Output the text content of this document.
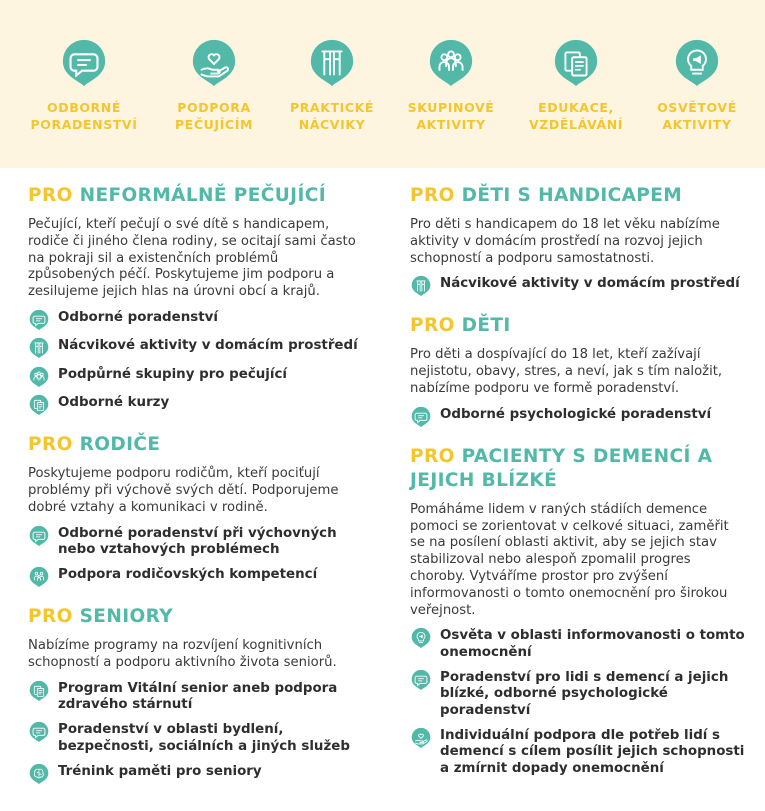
ODBORNÉ
PORADENSTVÍ
PODPORA
PEČUJÍCÍM
PRAKTICKÉ
NÁCVIKY
SKUPINOVÉ
AKTIVITY
EDUKACE,
VZDĚLÁVÁNÍ
OSVĚTOVÉ
AKTIVITY
PRO NEFORMÁLNĚ PEČUJÍCÍ

Pečující, kteří pečují o své dítě s handicapem, rodiče či jiného člena rodiny, se ocitají sami často na pokraji sil a existenčních problémů způsobených péčí. Poskytujeme jim podporu a zesilujeme jejich hlas na úrovni obcí a krajů.

Odborné poradenství
Nácvikové aktivity v domácím prostředí
Podpůrné skupiny pro pečující
Odborné kurzy
PRO RODIČE

Poskytujeme podporu rodičům, kteří pociťují problémy při výchově svých dětí. Podporujeme dobré vztahy a komunikaci v rodině.

Odborné poradenství při výchovných nebo vztahových problémech
Podpora rodičovských kompetencí
PRO SENIORY

Nabízíme programy na rozvíjení kognitivních schopností a podporu aktivního života seniorů.

Program Vitální senior aneb podpora zdravého stárnutí
Poradenství v oblasti bydlení, bezpečnosti, sociálních a jiných služeb
Trénink paměti pro seniory
PRO DĚTI S HANDICAPEM

Pro děti s handicapem do 18 let věku nabízíme aktivity v domácím prostředí na rozvoj jejich schopností a podporu samostatnosti.

Nácvikové aktivity v domácím prostředí
PRO DĚTI

Pro děti a dospívající do 18 let, kteří zažívají nejistotu, obavy, stres, a neví, jak s tím naložit, nabízíme podporu ve formě poradenství.

Odborné psychologické poradenství
PRO PACIENTY S DEMENCÍ A JEJICH BLÍZKÉ

Pomáháme lidem v raných stádiích demence pomoci se zorientovat v celkové situaci, zaměřit se na posílení oblasti aktivit, aby se jejich stav stabilizoval nebo alespoň zpomalil progres choroby. Vytváříme prostor pro zvýšení informovanosti o tomto onemocnění pro širokou veřejnost.

Osvěta v oblasti informovanosti o tomto onemocnění
Poradenství pro lidi s demencí a jejich blízké, odborné psychologické poradenství
Individuální podpora dle potřeb lidí s demencí s cílem posílit jejich schopnosti a zmírnit dopady onemocnění
